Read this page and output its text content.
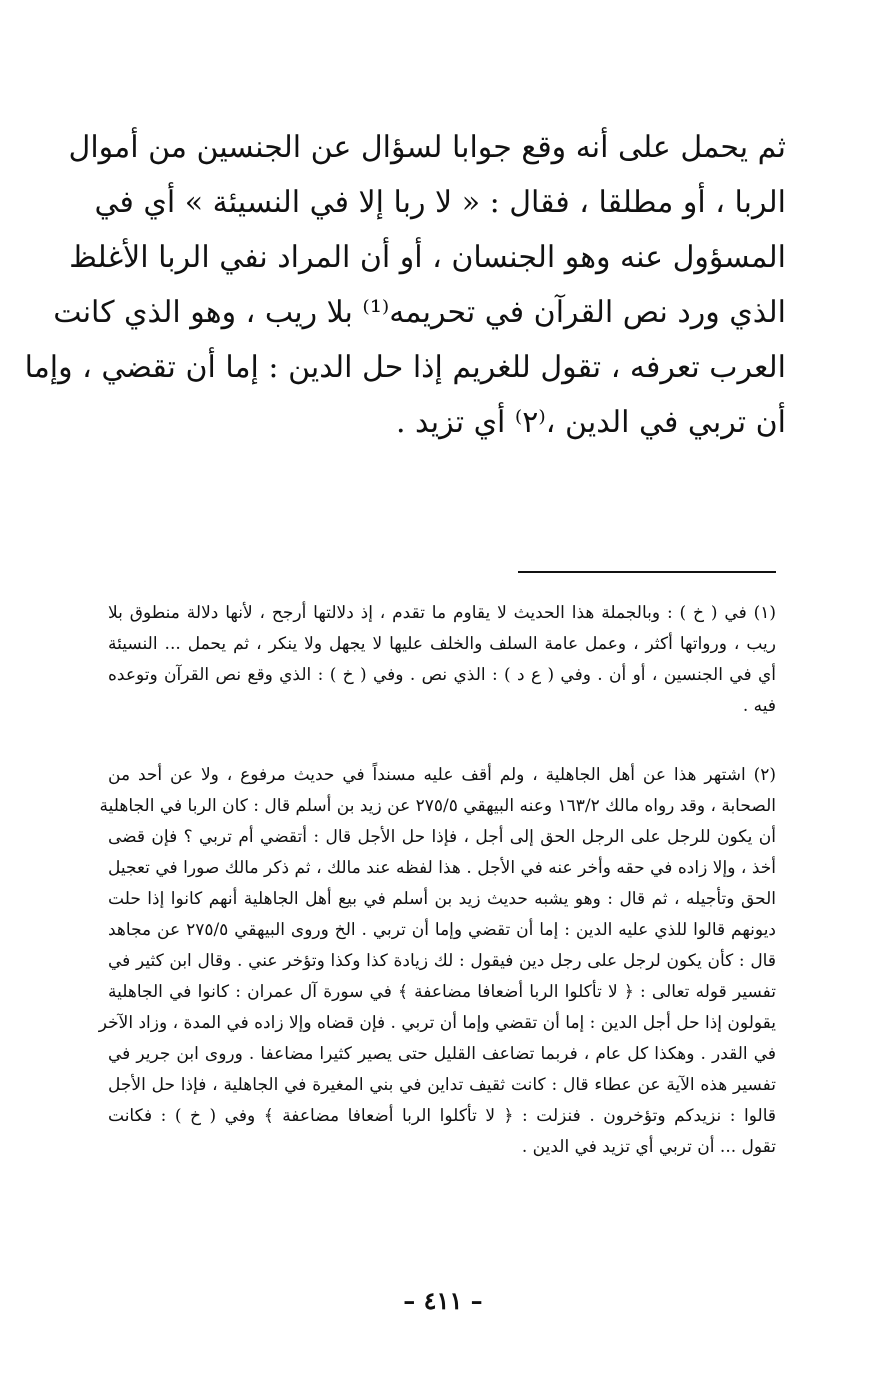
ثم يحمل على أنه وقع جوابا لسؤال عن الجنسين من أموال
الربا ، أو مطلقا ، فقال : « لا ربا إلا في النسيئة » أي في
المسؤول عنه وهو الجنسان ، أو أن المراد نفي الربا الأغلظ
الذي ورد نص القرآن في تحريمه⁽¹⁾ بلا ريب ، وهو الذي كانت
العرب تعرفه ، تقول للغريم إذا حل الدين : إما أن تقضي ، وإما
أن تربي في الدين ،⁽٢⁾ أي تزيد .
(١) في ( خ ) : وبالجملة هذا الحديث لا يقاوم ما تقدم ، إذ دلالتها أرجح ، لأنها دلالة منطوق بلا
ريب ، ورواتها أكثر ، وعمل عامة السلف والخلف عليها لا يجهل ولا ينكر ، ثم يحمل ... النسيئة
أي في الجنسين ، أو أن . وفي ( ع د ) : الذي نص . وفي ( خ ) : الذي وقع نص القرآن وتوعده
فيه .
(٢) اشتهر هذا عن أهل الجاهلية ، ولم أقف عليه مسنداً في حديث مرفوع ، ولا عن أحد من
الصحابة ، وقد رواه مالك ١٦٣/٢ وعنه البيهقي ٢٧٥/٥ عن زيد بن أسلم قال : كان الربا في الجاهلية
أن يكون للرجل على الرجل الحق إلى أجل ، فإذا حل الأجل قال : أتقضي أم تربي ؟ فإن قضى
أخذ ، وإلا زاده في حقه وأخر عنه في الأجل . هذا لفظه عند مالك ، ثم ذكر مالك صورا في تعجيل
الحق وتأجيله ، ثم قال : وهو يشبه حديث زيد بن أسلم في بيع أهل الجاهلية أنهم كانوا إذا حلت
ديونهم قالوا للذي عليه الدين : إما أن تقضي وإما أن تربي . الخ وروى البيهقي ٢٧٥/٥ عن مجاهد
قال : كأن يكون لرجل على رجل دين فيقول : لك زيادة كذا وكذا وتؤخر عني . وقال ابن كثير في
تفسير قوله تعالى : ﴿ لا تأكلوا الربا أضعافا مضاعفة ﴾ في سورة آل عمران : كانوا في الجاهلية
يقولون إذا حل أجل الدين : إما أن تقضي وإما أن تربي . فإن قضاه وإلا زاده في المدة ، وزاد الآخر
في القدر . وهكذا كل عام ، فربما تضاعف القليل حتى يصير كثيرا مضاعفا . وروى ابن جرير في
تفسير هذه الآية عن عطاء قال : كانت ثقيف تداين في بني المغيرة في الجاهلية ، فإذا حل الأجل
قالوا : نزيدكم وتؤخرون . فنزلت : ﴿ لا تأكلوا الربا أضعافا مضاعفة ﴾ وفي ( خ ) : فكانت
تقول ... أن تربي أي تزيد في الدين .
– ٤١١ –
